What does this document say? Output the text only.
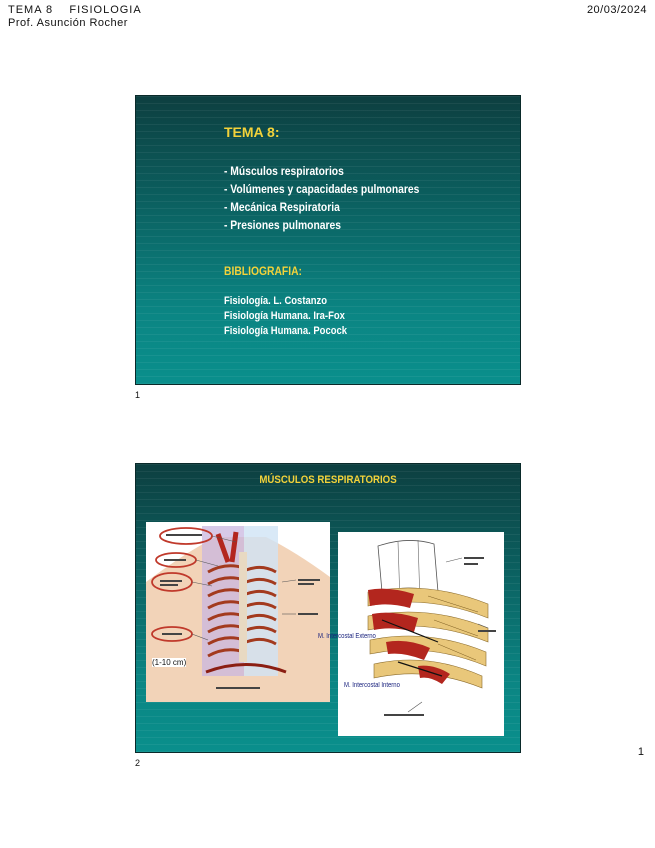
TEMA 8    FISIOLOGIA
Prof. Asunción Rocher
20/03/2024
TEMA 8:
- Músculos respiratorios
- Volúmenes y capacidades pulmonares
- Mecánica Respiratoria
- Presiones pulmonares
BIBLIOGRAFIA:
Fisiología. L. Costanzo
Fisiología Humana. Ira-Fox
Fisiología Humana. Pocock
1
MÚSCULOS RESPIRATORIOS
(1-10 cm)
M. Intercostal Externo
M. Intercostal Interno
2
1
